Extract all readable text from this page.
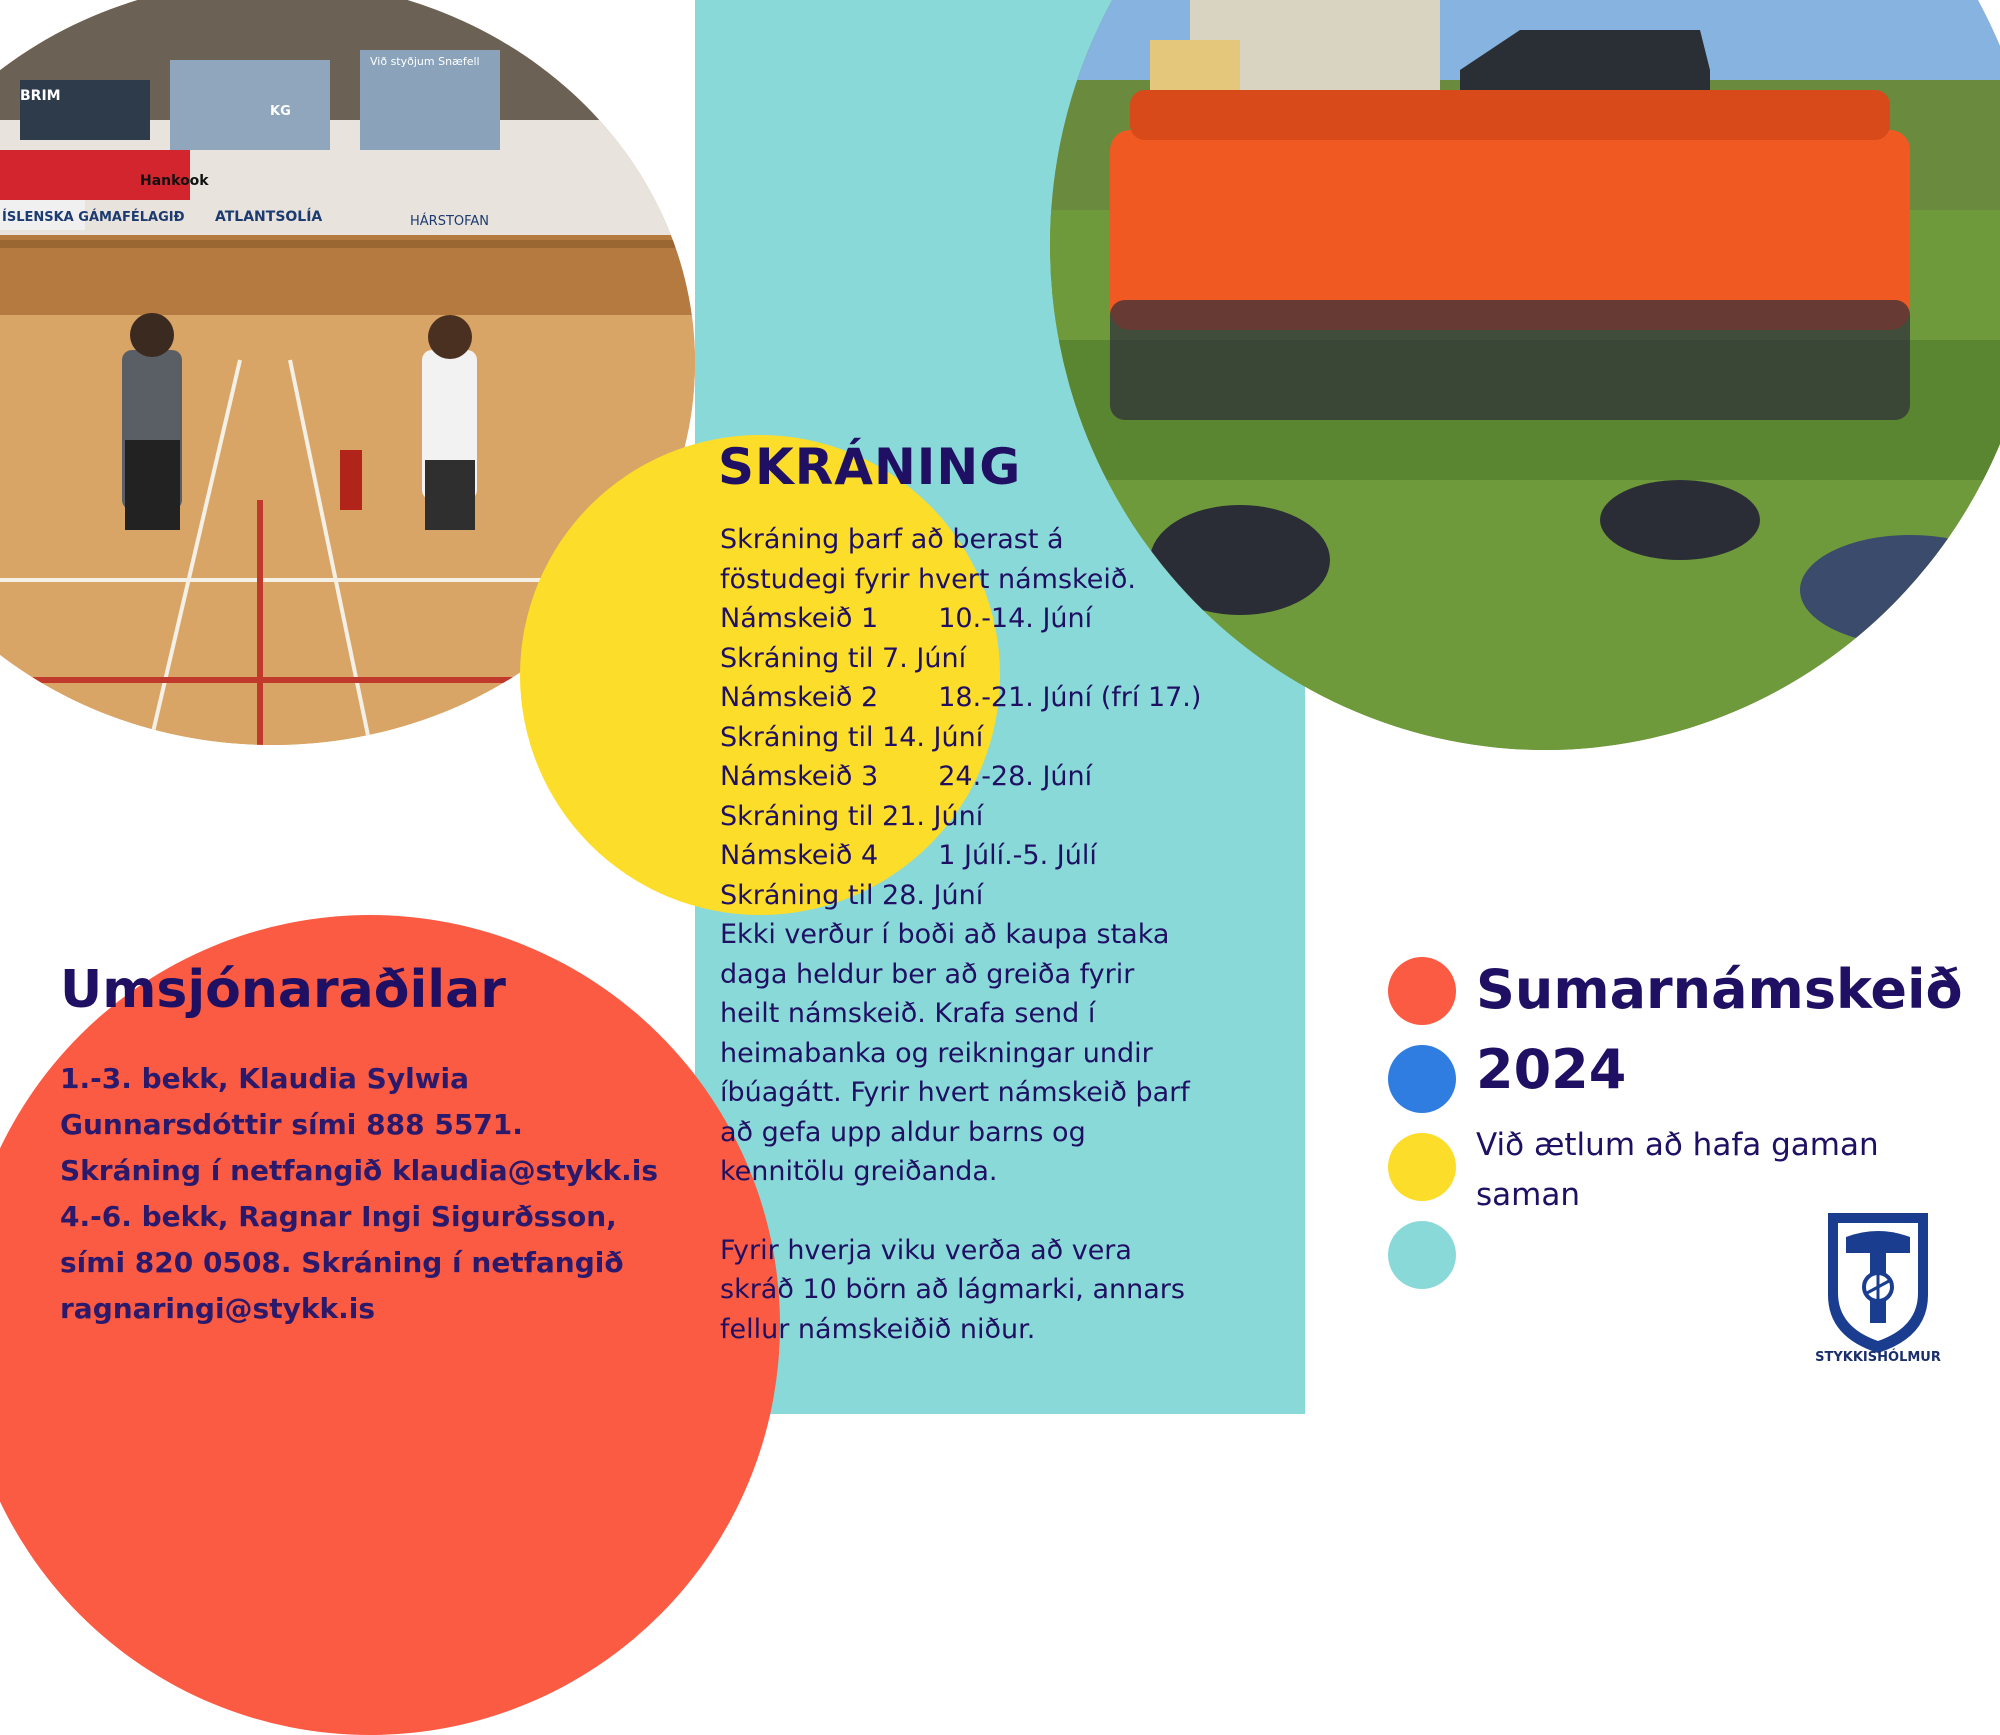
ÍSLENSKA GÁMAFÉLAGIÐ
BRIM
KG
Við styðjum Snæfell
Hankook
ATLANTSOLÍA	HÁRSTOFAN
SKRÁNING
Skráning þarf að berast á
föstudegi fyrir hvert námskeið.
Námskeið 1       10.-14. Júní
Skráning til 7. Júní
Námskeið 2       18.-21. Júní (frí 17.)
Skráning til 14. Júní
Námskeið 3       24.-28. Júní
Skráning til 21. Júní
Námskeið 4       1 Júlí.-5. Júlí
Skráning til 28. Júní
Ekki verður í boði að kaupa staka
daga heldur ber að greiða fyrir
heilt námskeið. Krafa send í
heimabanka og reikningar undir
íbúagátt. Fyrir hvert námskeið þarf
að gefa upp aldur barns og
kennitölu greiðanda.
Fyrir hverja viku verða að vera
skráð 10 börn að lágmarki, annars
fellur námskeiðið niður.
Umsjónaraðilar
1.-3. bekk, Klaudia Sylwia
Gunnarsdóttir sími 888 5571.
Skráning í netfangið klaudia@stykk.is
4.-6. bekk, Ragnar Ingi Sigurðsson,
sími 820 0508. Skráning í netfangið
ragnaringi@stykk.is
Sumarnámskeið
2024
Við ætlum að hafa gaman saman
STYKKISHÓLMUR
